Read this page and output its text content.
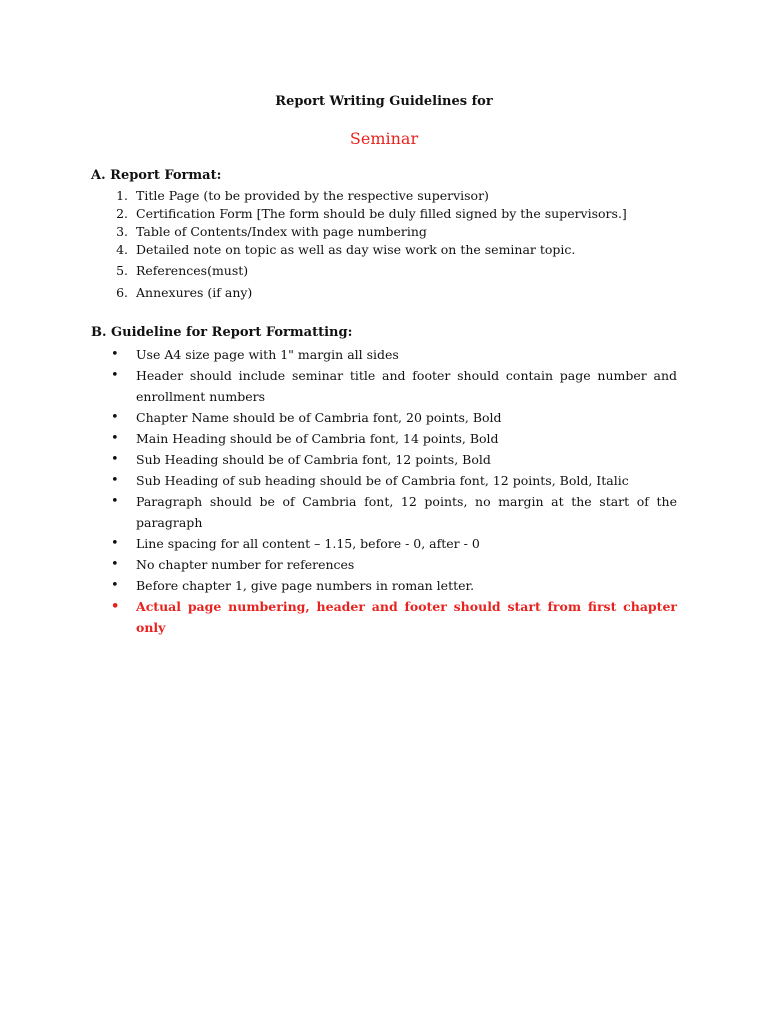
Report Writing Guidelines for
Seminar
A. Report Format:
1. Title Page (to be provided by the respective supervisor)
2. Certification Form [The form should be duly filled signed by the supervisors.]
3. Table of Contents/Index with page numbering
4. Detailed note on topic as well as day wise work on the seminar topic.
5. References(must)
6. Annexures (if any)
B. Guideline for Report Formatting:
• Use A4 size page with 1" margin all sides
• Header should include seminar title and footer should contain page number and enrollment numbers
• Chapter Name should be of Cambria font, 20 points, Bold
• Main Heading should be of Cambria font, 14 points, Bold
• Sub Heading should be of Cambria font, 12 points, Bold
• Sub Heading of sub heading should be of Cambria font, 12 points, Bold, Italic
• Paragraph should be of Cambria font, 12 points, no margin at the start of the paragraph
• Line spacing for all content – 1.15, before - 0, after - 0
• No chapter number for references
• Before chapter 1, give page numbers in roman letter.
• Actual page numbering, header and footer should start from first chapter only
